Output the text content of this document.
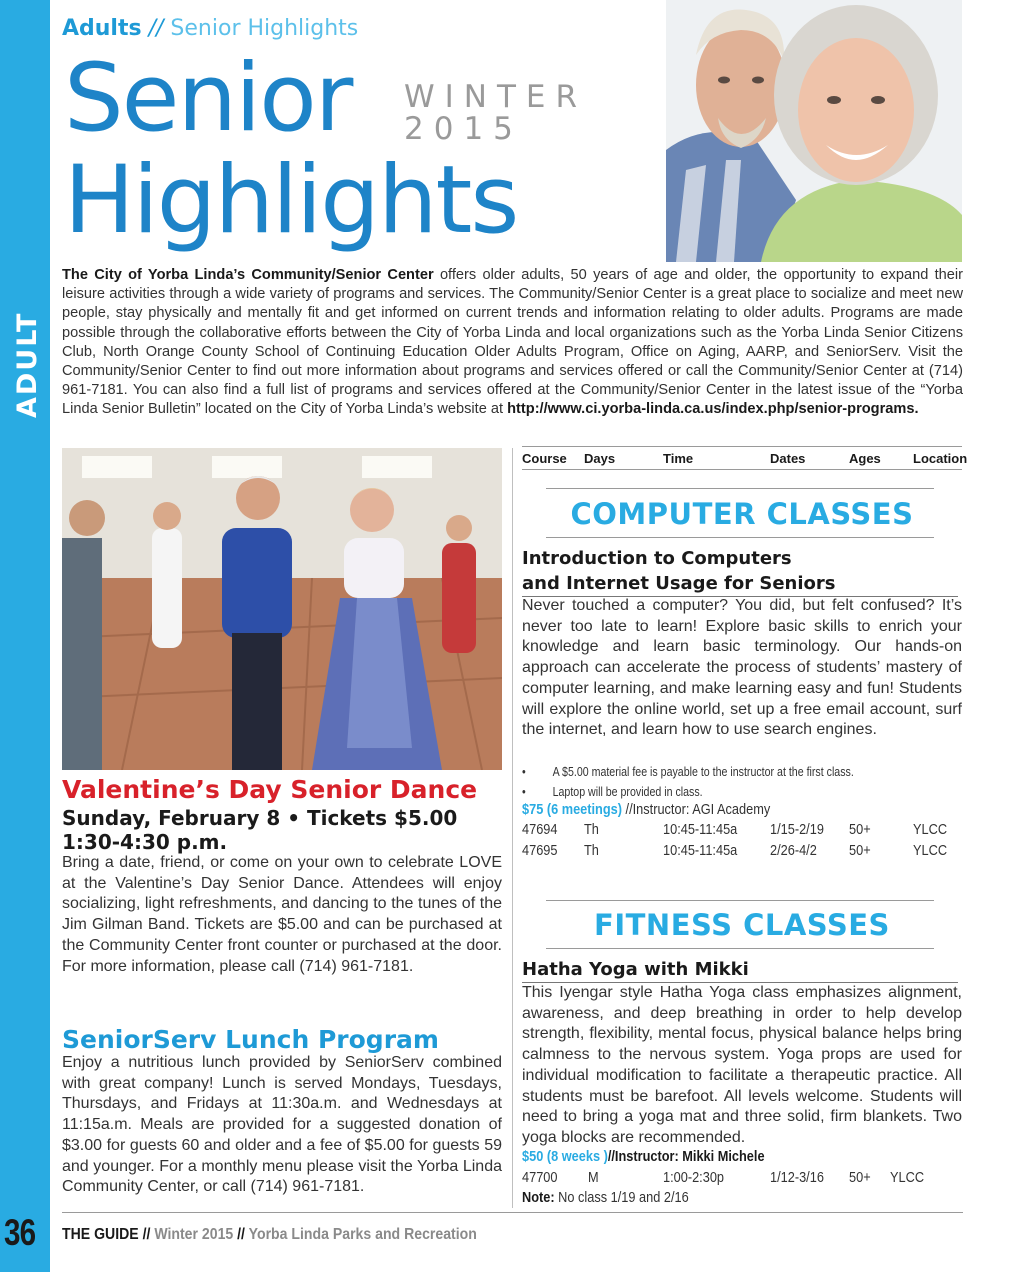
ADULT
36
Adults // Senior Highlights
Senior
Highlights
WINTER
2015
The City of Yorba Linda’s Community/Senior Center offers older adults, 50 years of age and older, the opportunity to expand their leisure activities through a wide variety of programs and services. The Community/Senior Center is a great place to socialize and meet new people, stay physically and mentally fit and get informed on current trends and information relating to older adults. Programs are made possible through the collaborative efforts between the City of Yorba Linda and local organizations such as the Yorba Linda Senior Citizens Club, North Orange County School of Continuing Education Older Adults Program, Office on Aging, AARP, and SeniorServ. Visit the Community/Senior Center to find out more information about programs and services offered or call the Community/Senior Center at (714) 961-7181. You can also find a full list of programs and services offered at the Community/Senior Center in the latest issue of the “Yorba Linda Senior Bulletin” located on the City of Yorba Linda’s website at http://www.ci.yorba-linda.ca.us/index.php/senior-programs.
Valentine’s Day Senior Dance
Sunday, February 8 • Tickets $5.00
1:30-4:30 p.m.
Bring a date, friend, or come on your own to celebrate LOVE at the Valentine’s Day Senior Dance. Attendees will enjoy socializing, light refreshments, and dancing to the tunes of the Jim Gilman Band. Tickets are $5.00 and can be purchased at the Community Center front counter or purchased at the door. For more information, please call (714) 961-7181.
SeniorServ Lunch Program
Enjoy a nutritious lunch provided by SeniorServ combined with great company! Lunch is served Mondays, Tuesdays, Thursdays, and Fridays at 11:30a.m. and Wednesdays at 11:15a.m. Meals are provided for a suggested donation of $3.00 for guests 60 and older and a fee of $5.00 for guests 59 and younger. For a monthly menu please visit the Yorba Linda Community Center, or call (714) 961-7181.
Course Days	Time	Dates	Ages Location
COMPUTER CLASSES
Introduction to Computers
and Internet Usage for Seniors
Never touched a computer? You did, but felt confused? It’s never too late to learn! Explore basic skills to enrich your knowledge and learn basic terminology. Our hands-on approach can accelerate the process of students’ mastery of computer learning, and make learning easy and fun! Students will explore the online world, set up a free email account, surf the internet, and learn how to use search engines.
• A $5.00 material fee is payable to the instructor at the first class.
• Laptop will be provided in class.
$75 (6 meetings) //Instructor: AGI Academy
47694 Th	10:45-11:45a 1/15-2/19 50+	YLCC
47695 Th	10:45-11:45a 2/26-4/2 50+	YLCC
FITNESS CLASSES
Hatha Yoga with Mikki
This Iyengar style Hatha Yoga class emphasizes alignment, awareness, and deep breathing in order to help develop strength, flexibility, mental focus, physical balance helps bring calmness to the nervous system. Yoga props are used for individual modification to facilitate a therapeutic practice. All students must be barefoot. All levels welcome. Students will need to bring a yoga mat and three solid, firm blankets. Two yoga blocks are recommended.
$50 (8 weeks )//Instructor: Mikki Michele
47700 M	1:00-2:30p	1/12-3/16 50+ YLCC
Note: No class 1/19 and 2/16
THE GUIDE // Winter 2015 // Yorba Linda Parks and Recreation
